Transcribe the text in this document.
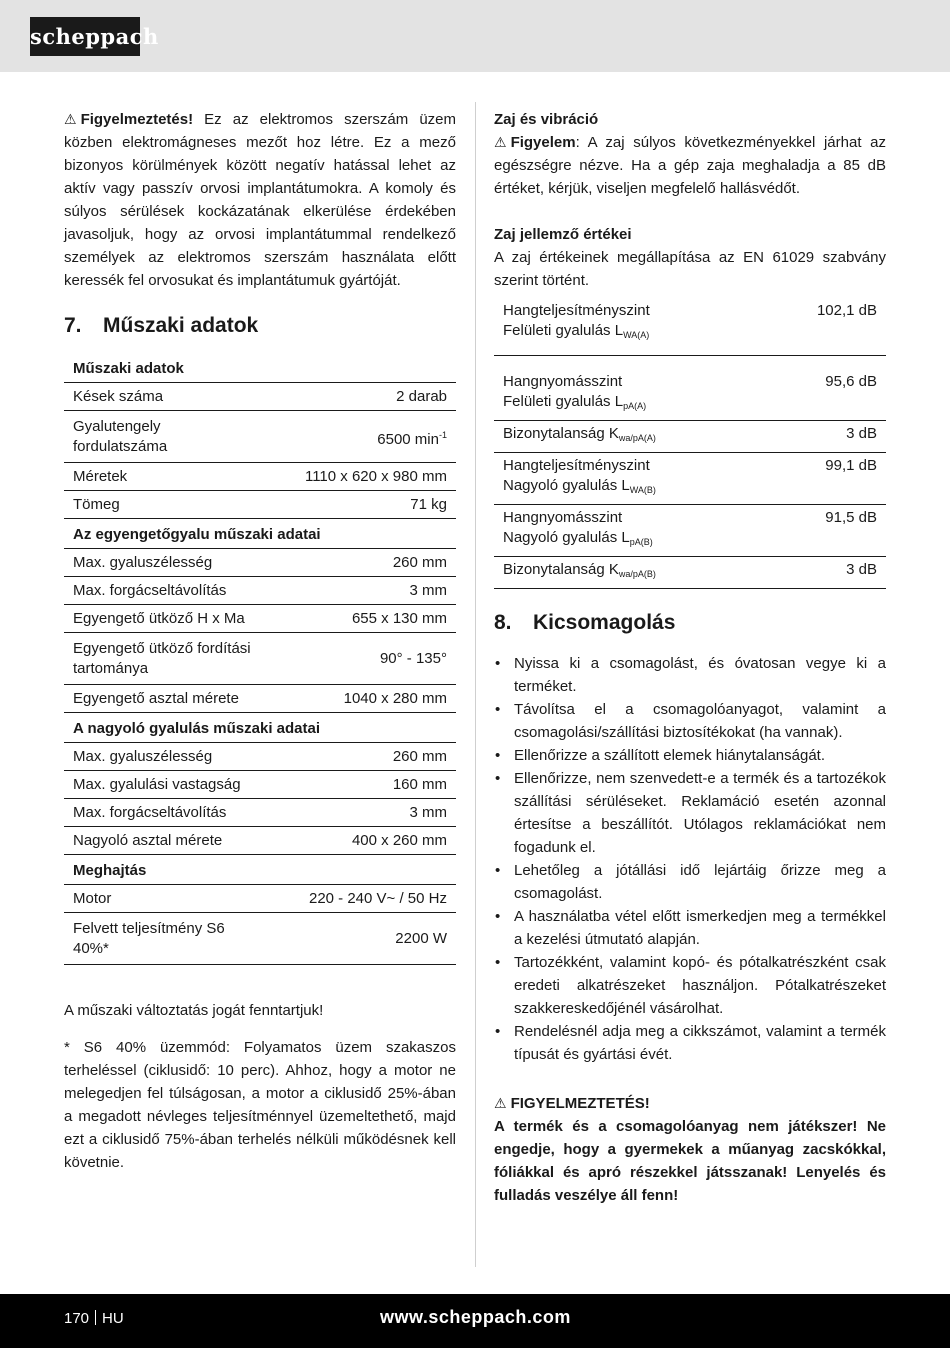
scheppach

⚠ Figyelmeztetés! Ez az elektromos szerszám üzem közben elektromágneses mezőt hoz létre. Ez a mező bizonyos körülmények között negatív hatással lehet az aktív vagy passzív orvosi implantátumokra. A komoly és súlyos sérülések kockázatának elkerülése érdekében javasoljuk, hogy az orvosi implantátummal rendelkező személyek az elektromos szerszám használata előtt keressék fel orvosukat és implantátumuk gyártóját.

7.	Műszaki adatok
Műszaki adatok	
Kések száma	2 darab
Gyalutengely fordulatszáma	6500 $\min^{-1}$
Méretek	1110 x 620 x 980 mm
Tömeg	71 kg
Az egyengetőgyalu műszaki adatai	
Max. gyaluszélesség	260 mm
Max. forgácseltávolítás	3 mm
Egyengető ütköző H x Ma	655 x 130 mm
Egyengető ütköző fordítási tartománya	90° - 135°
Egyengető asztal mérete	1040 x 280 mm
A nagyoló gyalulás műszaki adatai	
Max. gyaluszélesség	260 mm
Max. gyalulási vastagság	160 mm
Max. forgácseltávolítás	3 mm
Nagyoló asztal mérete	400 x 260 mm
Meghajtás	
Motor	220 - 240 V~ / 50 Hz
Felvett teljesítmény S6 40%*	2200 W

A műszaki változtatás jogát fenntartjuk!

* S6 40% üzemmód: Folyamatos üzem szakaszos terheléssel (ciklusidő: 10 perc). Ahhoz, hogy a motor ne melegedjen fel túlságosan, a motor a ciklusidő 25%-ában a megadott névleges teljesítménnyel üzemeltethető, majd ezt a ciklusidő 75%-ában terhelés nélküli működésnek kell követnie.

Zaj és vibráció

⚠ Figyelem: A zaj súlyos következményekkel járhat az egészségre nézve. Ha a gép zaja meghaladja a 85 dB értéket, kérjük, viseljen megfelelő hallásvédőt.

Zaj jellemző értékei

A zaj értékeinek megállapítása az EN 61029 szabvány szerint történt.

Hangteljesítményszint
Felületi gyalulás $L_{WA(A)}$	102,1 dB
Hangnyomásszint
Felületi gyalulás $L_{pA(A)}$	95,6 dB
Bizonytalanság $K_{wa/pA(A)}$	3 dB
Hangteljesítményszint
Nagyoló gyalulás $L_{WA(B)}$	99,1 dB
Hangnyomásszint
Nagyoló gyalulás $L_{pA(B)}$	91,5 dB
Bizonytalanság $K_{wa/pA(B)}$	3 dB
8.	Kicsomagolás
• Nyissa ki a csomagolást, és óvatosan vegye ki a terméket.
• Távolítsa el a csomagolóanyagot, valamint a csomagolási/szállítási biztosítékokat (ha vannak).
• Ellenőrizze a szállított elemek hiánytalanságát.
• Ellenőrizze, nem szenvedett-e a termék és a tartozékok szállítási sérüléseket. Reklamáció esetén azonnal értesítse a beszállítót. Utólagos reklamációkat nem fogadunk el.
• Lehetőleg a jótállási idő lejártáig őrizze meg a csomagolást.
• A használatba vétel előtt ismerkedjen meg a termékkel a kezelési útmutató alapján.
• Tartozékként, valamint kopó- és pótalkatrészként csak eredeti alkatrészeket használjon. Pótalkatrészeket szakkereskedőjénél vásárolhat.
• Rendelésnél adja meg a cikkszámot, valamint a termék típusát és gyártási évét.

⚠ FIGYELMEZTETÉS!

A termék és a csomagolóanyag nem játékszer! Ne engedje, hogy a gyermekek a műanyag zacskókkal, fóliákkal és apró részekkel játsszanak! Lenyelés és fulladás veszélye áll fenn!

170 HU	www.scheppach.com
